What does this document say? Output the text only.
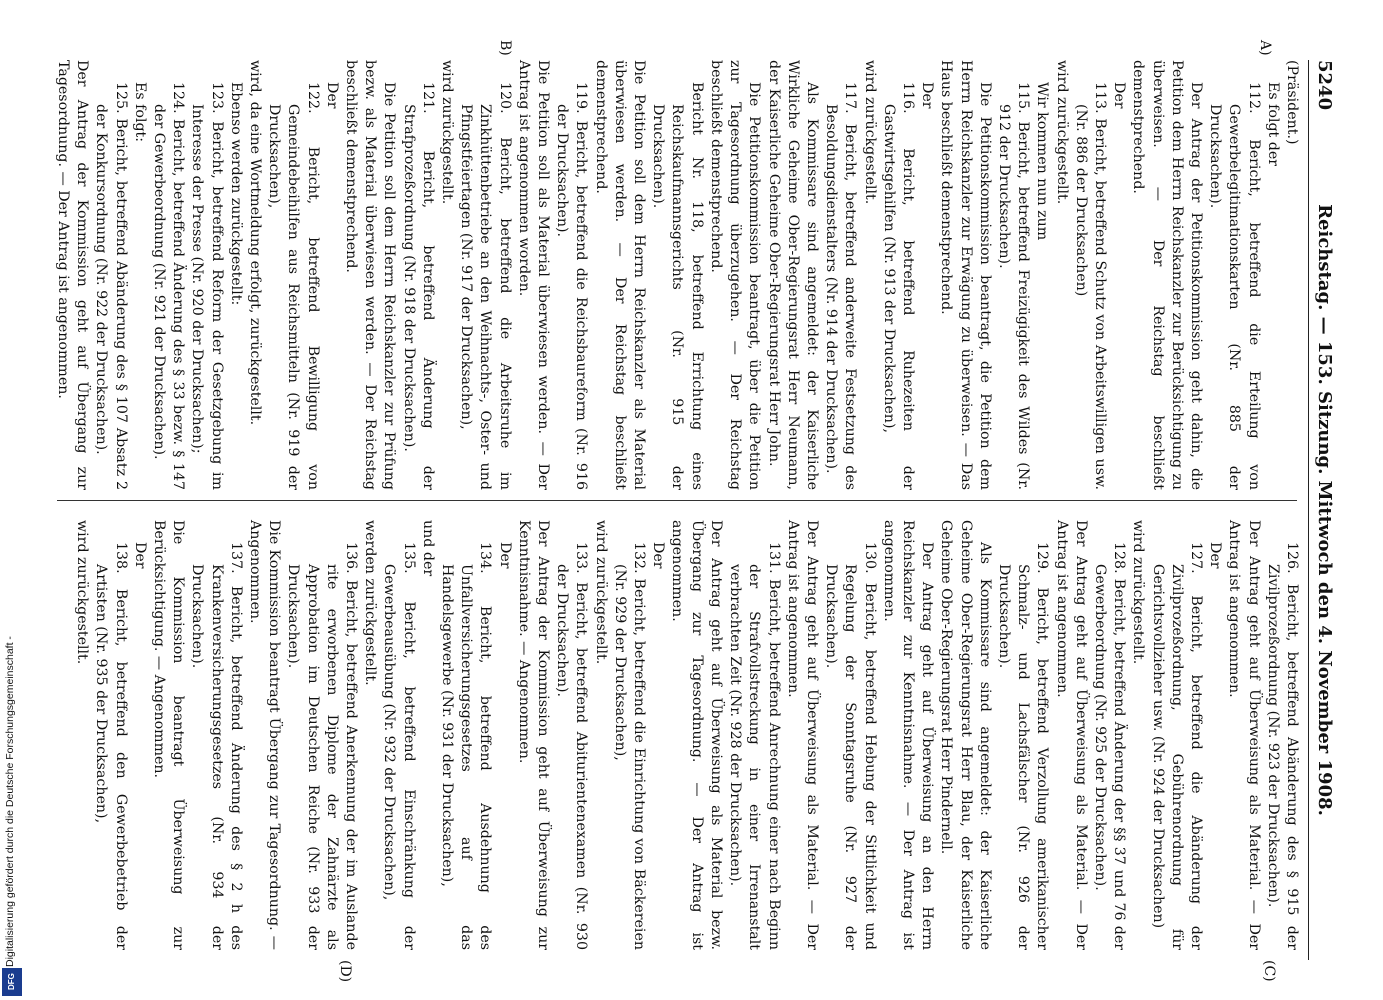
5240
Reichstag. — 153. Sitzung. Mittwoch den 4. November 1908.
A)
B)
(C)
(D)

(Präsident.)

Es folgt der

112. Bericht, betreffend die Erteilung von Gewerbelegitimationskarten (Nr. 885 der Drucksachen).

Der Antrag der Petitionskommission geht dahin, die Petition dem Herrn Reichskanzler zur Berücksichtigung zu überweisen. — Der Reichstag beschließt demenstprechend.

Der

113. Bericht, betreffend Schutz von Arbeitswilligen usw. (Nr. 886 der Drucksachen)

wird zurückgestellt.

Wir kommen nun zum

115. Bericht, betreffend Freizügigkeit des Wildes (Nr. 912 der Drucksachen).

Die Petitionskommission beantragt, die Petition dem Herrn Reichskanzler zur Erwägung zu überweisen. — Das Haus beschließt demenstprechend.

Der

116. Bericht, betreffend Ruhezeiten der Gastwirtsgehilfen (Nr. 913 der Drucksachen),

wird zurückgestellt.

117. Bericht, betreffend anderweite Festsetzung des Besoldungsdienstalters (Nr. 914 der Drucksachen).

Als Kommissare sind angemeldet: der Kaiserliche Wirkliche Geheime Ober-Regierungsrat Herr Neumann, der Kaiserliche Geheime Ober-Regierungsrat Herr John.

Die Petitionskommission beantragt, über die Petition zur Tagesordnung überzugehen. — Der Reichstag beschließt demenstprechend.

Bericht Nr. 118, betreffend Errichtung eines Reichskaufmannsgerichts (Nr. 915 der Drucksachen).

Die Petition soll dem Herrn Reichskanzler als Material überwiesen werden. — Der Reichstag beschließt demenstprechend.

119. Bericht, betreffend die Reichsbaureform (Nr. 916 der Drucksachen).

Die Petition soll als Material überwiesen werden. — Der Antrag ist angenommen worden.

120. Bericht, betreffend die Arbeitsruhe im Zinkhüttenbetriebe an den Weihnachts-, Oster- und Pfingstfeiertagen (Nr. 917 der Drucksachen),

wird zurückgestellt.

121. Bericht, betreffend Änderung der Strafprozeßordnung (Nr. 918 der Drucksachen).

Die Petition soll dem Herrn Reichskanzler zur Prüfung bezw. als Material überwiesen werden. — Der Reichstag beschließt demenstprechend.

Der

122. Bericht, betreffend Bewilligung von Gemeindebeihilfen aus Reichsmitteln (Nr. 919 der Drucksachen),

wird, da eine Wortmeldung erfolgt, zurückgestellt.

Ebenso werden zurückgestellt:

123. Bericht, betreffend Reform der Gesetzgebung im Interesse der Presse (Nr. 920 der Drucksachen);

124. Bericht, betreffend Änderung des § 33 bezw. § 147 der Gewerbeordnung (Nr. 921 der Drucksachen).

Es folgt:

125. Bericht, betreffend Abänderung des § 107 Absatz 2 der Konkursordnung (Nr. 922 der Drucksachen).

Der Antrag der Kommission geht auf Übergang zur Tagesordnung. — Der Antrag ist angenommen.

126. Bericht, betreffend Abänderung des § 915 der Zivilprozeßordnung (Nr. 923 der Drucksachen).

Der Antrag geht auf Überweisung als Material. — Der Antrag ist angenommen.

Der

127. Bericht, betreffend die Abänderung der Zivilprozeßordnung, Gebührenordnung für Gerichtsvollzieher usw. (Nr. 924 der Drucksachen)

wird zurückgestellt.

128. Bericht, betreffend Änderung der §§ 37 und 76 der Gewerbeordnung (Nr. 925 der Drucksachen).

Der Antrag geht auf Überweisung als Material. — Der Antrag ist angenommen.

129. Bericht, betreffend Verzollung amerikanischer Schmalz- und Lachsfälscher (Nr. 926 der Drucksachen).

Als Kommissare sind angemeldet: der Kaiserliche Geheime Ober-Regierungsrat Herr Blau, der Kaiserliche Geheime Ober-Regierungsrat Herr Pindernell.

Der Antrag geht auf Überweisung an den Herrn Reichskanzler zur Kenntnisnahme. — Der Antrag ist angenommen.

130. Bericht, betreffend Hebung der Sittlichkeit und Regelung der Sonntagsruhe (Nr. 927 der Drucksachen).

Der Antrag geht auf Überweisung als Material. — Der Antrag ist angenommen.

131. Bericht, betreffend Anrechnung einer nach Beginn der Strafvollstreckung in einer Irrenanstalt verbrachten Zeit (Nr. 928 der Drucksachen).

Der Antrag geht auf Überweisung als Material bezw. Übergang zur Tagesordnung. — Der Antrag ist angenommen.

Der

132. Bericht, betreffend die Einrichtung von Bäckereien (Nr. 929 der Drucksachen),

wird zurückgestellt.

133. Bericht, betreffend Abiturientenexamen (Nr. 930 der Drucksachen).

Der Antrag der Kommission geht auf Überweisung zur Kenntnisnahme. — Angenommen.

Der

134. Bericht, betreffend Ausdehnung des Unfallversicherungsgesetzes auf das Handelsgewerbe (Nr. 931 der Drucksachen),

und der

135. Bericht, betreffend Einschränkung der Gewerbeausübung (Nr. 932 der Drucksachen),

werden zurückgestellt.

136. Bericht, betreffend Anerkennung der im Auslande rite erworbenen Diplome der Zahnärzte als Approbation im Deutschen Reiche (Nr. 933 der Drucksachen).

Die Kommission beantragt Übergang zur Tagesordnung. — Angenommen.

137. Bericht, betreffend Änderung des § 2 h des Krankenversicherungsgesetzes (Nr. 934 der Drucksachen).

Die Kommission beantragt Überweisung zur Berücksichtigung. — Angenommen.

Der

138. Bericht, betreffend den Gewerbebetrieb der Artisten (Nr. 935 der Drucksachen),

wird zurückgestellt.

Digitalisierung gefördert durch die Deutsche Forschungsgemeinschaft -
DFG
